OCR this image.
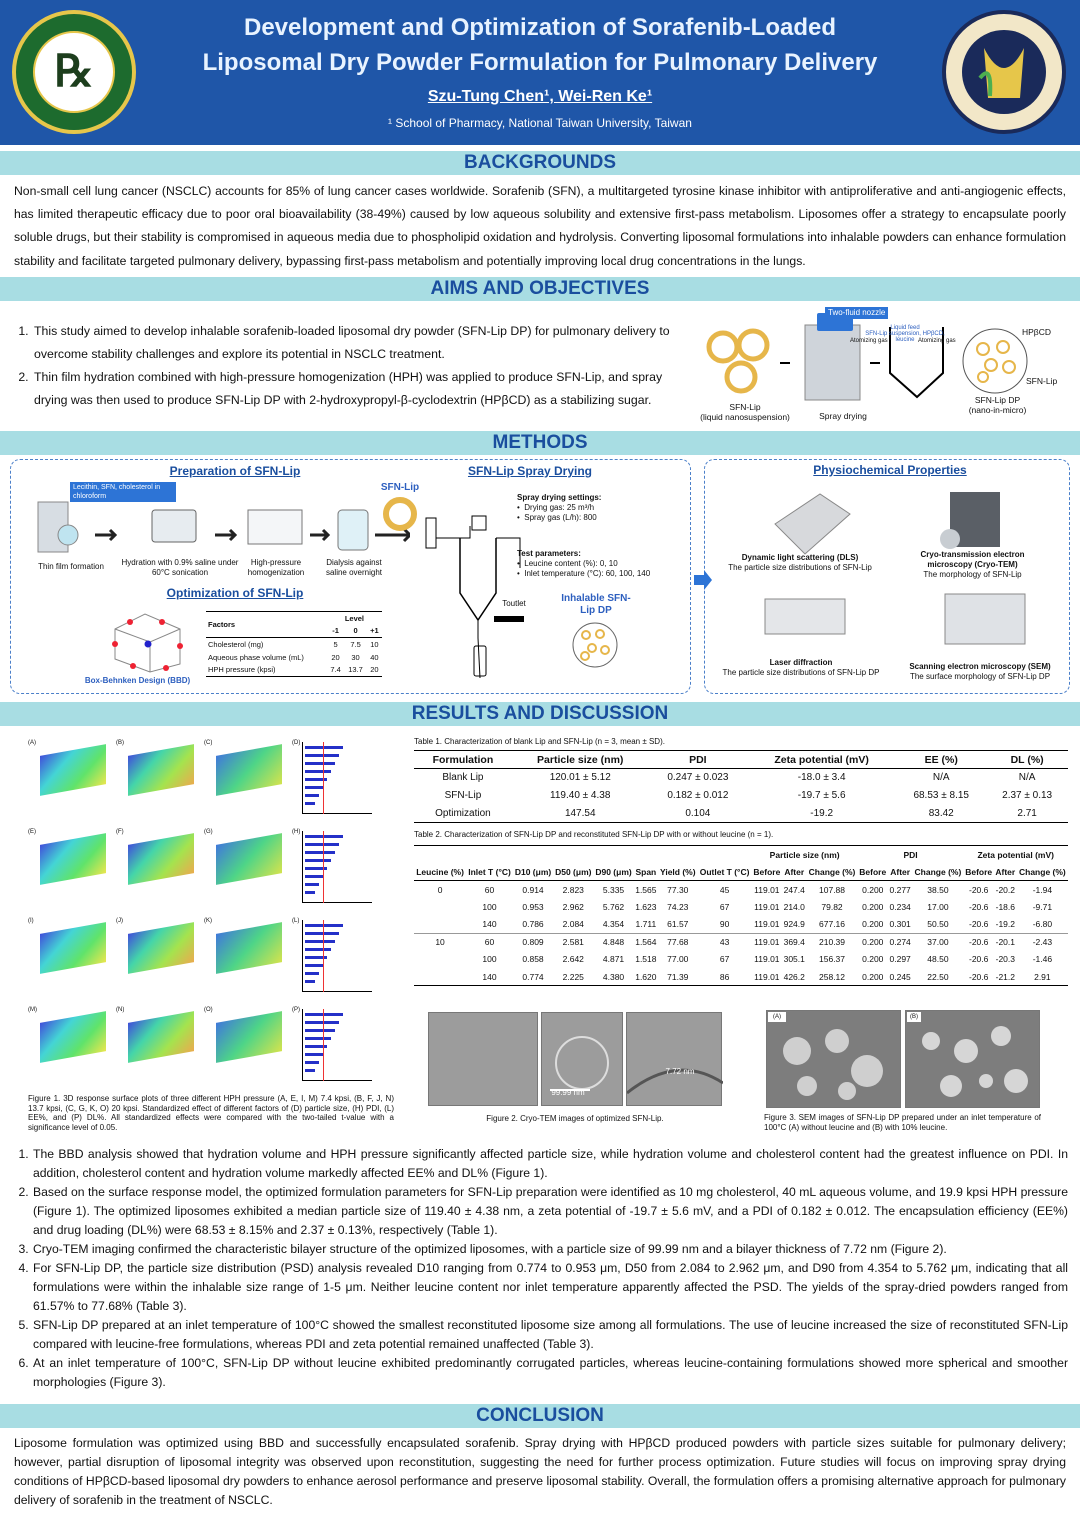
℞
Development and Optimization of Sorafenib-Loaded
Liposomal Dry Powder Formulation for Pulmonary Delivery
Szu-Tung Chen¹, Wei-Ren Ke¹
¹ School of Pharmacy, National Taiwan University, Taiwan
BACKGROUNDS
Non-small cell lung cancer (NSCLC) accounts for 85% of lung cancer cases worldwide. Sorafenib (SFN), a multitargeted tyrosine kinase inhibitor with antiproliferative and anti-angiogenic effects, has limited therapeutic efficacy due to poor oral bioavailability (38-49%) caused by low aqueous solubility and extensive first-pass metabolism. Liposomes offer a strategy to encapsulate poorly soluble drugs, but their stability is compromised in aqueous media due to phospholipid oxidation and hydrolysis. Converting liposomal formulations into inhalable powders can enhance formulation stability and facilitate targeted pulmonary delivery, bypassing first-pass metabolism and potentially improving local drug concentrations in the lungs.
AIMS AND OBJECTIVES
1. This study aimed to develop inhalable sorafenib-loaded liposomal dry powder (SFN-Lip DP) for pulmonary delivery to overcome stability challenges and explore its potential in NSCLC treatment.
2. Thin film hydration combined with high-pressure homogenization (HPH) was applied to produce SFN-Lip, and spray drying was then used to produce SFN-Lip DP with 2-hydroxypropyl-β-cyclodextrin (HPβCD) as a stabilizing sugar.
Two-fluid nozzle
Liquid feed
SFN-Lip suspension, HPβCD, leucine
Atomizing gas	Atomizing gas
HPβCD
SFN-Lip
SFN-Lip
(liquid nanosuspension)	Spray drying
SFN-Lip DP
(nano-in-micro)
METHODS
Preparation of SFN-Lip	SFN-Lip Spray Drying	Physiochemical Properties
Optimization of SFN-Lip
Lecithin, SFN, cholesterol in chloroform
Thin film formation	Hydration with 0.9% saline under 60°C sonication
High-pressure homogenization
Dialysis against saline overnight
SFN-Lip
Spray drying settings:
•  Drying gas: 25 m³/h
•  Spray gas (L/h): 800
Test parameters:
•  Leucine content (%): 0, 10
•  Inlet temperature (°C): 60, 100, 140
Toutlet	Inhalable SFN-Lip DP
Box-Behnken Design (BBD)
Factors	Level		
	-1	0	+1
Cholesterol (mg)	5	7.5	10
Aqueous phase volume (mL)	20	30	40
HPH pressure (kpsi)	7.4	13.7	20
Dynamic light scattering (DLS)
The particle size distributions of SFN-Lip
Cryo-transmission electron microscopy (Cryo-TEM)
The morphology of SFN-Lip
Laser diffraction
The particle size distributions of SFN-Lip DP
Scanning electron microscopy (SEM)
The surface morphology of SFN-Lip DP
RESULTS AND DISCUSSION
(A)	(B)	(C)	(D)
(E)	(F)	(G)	(H)
(I)	(J)	(K)	(L)
(M)	(N)	(O)	(P)
Figure 1. 3D response surface plots of three different HPH pressure (A, E, I, M) 7.4 kpsi, (B, F, J, N) 13.7 kpsi, (C, G, K, O) 20 kpsi. Standardized effect of different factors of (D) particle size, (H) PDI, (L) EE%, and (P) DL%. All standardized effects were compared with the two-tailed t-value with a significance level of 0.05.
Table 1. Characterization of blank Lip and SFN-Lip (n = 3, mean ± SD).
Formulation	Particle size (nm)	PDI	Zeta potential (mV)	EE (%)	DL (%)
Blank Lip	120.01 ± 5.12	0.247 ± 0.023	-18.0 ± 3.4	N/A	N/A
SFN-Lip	119.40 ± 4.38	0.182 ± 0.012	-19.7 ± 5.6	68.53 ± 8.15	2.37 ± 0.13
Optimization	147.54	0.104	-19.2	83.42	2.71
Table 2. Characterization of SFN-Lip DP and reconstituted SFN-Lip DP with or without leucine (n = 1).
								Particle size (nm)			PDI			Zeta potential (mV)		
Leucine (%)	Inlet T (°C)	D10 (μm)	D50 (μm)	D90 (μm)	Span	Yield (%)	Outlet T (°C)	Before	After	Change (%)	Before	After	Change (%)	Before	After	Change (%)
0	60	0.914	2.823	5.335	1.565	77.30	45	119.01	247.4	107.88	0.200	0.277	38.50	-20.6	-20.2	-1.94
	100	0.953	2.962	5.762	1.623	74.23	67	119.01	214.0	79.82	0.200	0.234	17.00	-20.6	-18.6	-9.71
	140	0.786	2.084	4.354	1.711	61.57	90	119.01	924.9	677.16	0.200	0.301	50.50	-20.6	-19.2	-6.80
10	60	0.809	2.581	4.848	1.564	77.68	43	119.01	369.4	210.39	0.200	0.274	37.00	-20.6	-20.1	-2.43
	100	0.858	2.642	4.871	1.518	77.00	67	119.01	305.1	156.37	0.200	0.297	48.50	-20.6	-20.3	-1.46
	140	0.774	2.225	4.380	1.620	71.39	86	119.01	426.2	258.12	0.200	0.245	22.50	-20.6	-21.2	2.91
99.99 nm
7.72 nm
Figure 2. Cryo-TEM images of optimized SFN-Lip.
(A)	(B)
Figure 3. SEM images of SFN-Lip DP prepared under an inlet temperature of 100°C (A) without leucine and (B) with 10% leucine.
1. The BBD analysis showed that hydration volume and HPH pressure significantly affected particle size, while hydration volume and cholesterol content had the greatest influence on PDI. In addition, cholesterol content and hydration volume markedly affected EE% and DL% (Figure 1).
2. Based on the surface response model, the optimized formulation parameters for SFN-Lip preparation were identified as 10 mg cholesterol, 40 mL aqueous volume, and 19.9 kpsi HPH pressure (Figure 1). The optimized liposomes exhibited a median particle size of 119.40 ± 4.38 nm, a zeta potential of -19.7 ± 5.6 mV, and a PDI of 0.182 ± 0.012. The encapsulation efficiency (EE%) and drug loading (DL%) were 68.53 ± 8.15% and 2.37 ± 0.13%, respectively (Table 1).
3. Cryo-TEM imaging confirmed the characteristic bilayer structure of the optimized liposomes, with a particle size of 99.99 nm and a bilayer thickness of 7.72 nm (Figure 2).
4. For SFN-Lip DP, the particle size distribution (PSD) analysis revealed D10 ranging from 0.774 to 0.953 μm, D50 from 2.084 to 2.962 μm, and D90 from 4.354 to 5.762 μm, indicating that all formulations were within the inhalable size range of 1-5 μm. Neither leucine content nor inlet temperature apparently affected the PSD. The yields of the spray-dried powders ranged from 61.57% to 77.68% (Table 3).
5. SFN-Lip DP prepared at an inlet temperature of 100°C showed the smallest reconstituted liposome size among all formulations. The use of leucine increased the size of reconstituted SFN-Lip compared with leucine-free formulations, whereas PDI and zeta potential remained unaffected (Table 3).
6. At an inlet temperature of 100°C, SFN-Lip DP without leucine exhibited predominantly corrugated particles, whereas leucine-containing formulations showed more spherical and smoother morphologies (Figure 3).
CONCLUSION
Liposome formulation was optimized using BBD and successfully encapsulated sorafenib. Spray drying with HPβCD produced powders with particle sizes suitable for pulmonary delivery; however, partial disruption of liposomal integrity was observed upon reconstitution, suggesting the need for further process optimization. Future studies will focus on improving spray drying conditions of HPβCD-based liposomal dry powders to enhance aerosol performance and preserve liposomal stability. Overall, the formulation offers a promising alternative approach for pulmonary delivery of sorafenib in the treatment of NSCLC.
